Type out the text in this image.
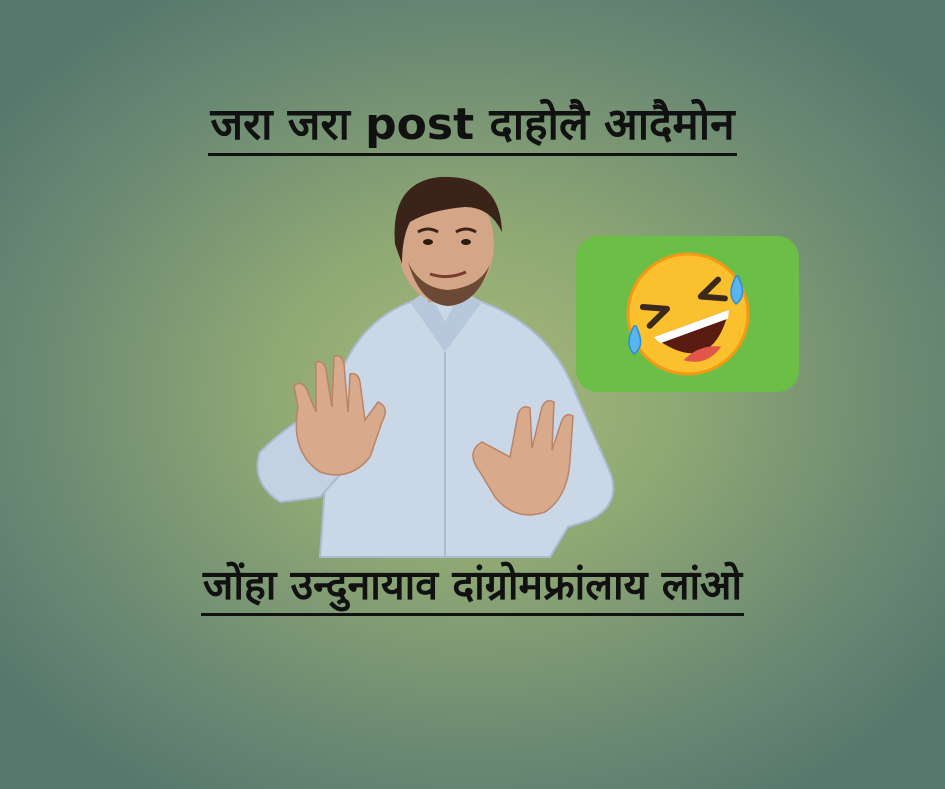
जरा जरा post दाहोलै आदैमोन
जोंहा उन्दुनायाव दांग्रोमफ्रांलाय लांओ
